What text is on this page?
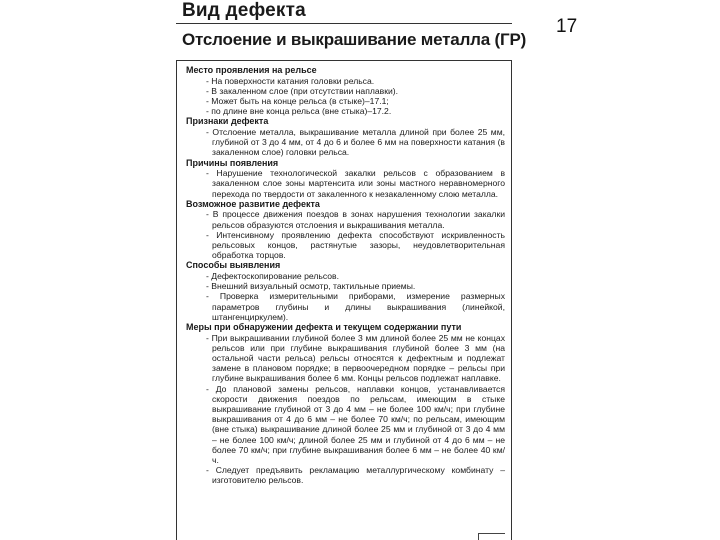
17
Вид дефекта
Отслоение и выкрашивание металла (ГР)
Место проявления на рельсе
- На поверхности катания головки рельса.
- В закаленном слое (при отсутствии наплавки).
- Может быть на конце рельса (в стыке)–17.1;
- по длине вне конца рельса (вне стыка)–17.2.
Признаки дефекта
- Отслоение металла, выкрашивание металла длиной при более 25 мм, глубиной от 3 до 4 мм, от 4 до 6 и более 6 мм на поверхности катания (в закаленном слое) головки рельса.
Причины появления
- Нарушение технологической закалки рельсов с образованием в закаленном слое зоны мартенсита или зоны мастного неравномерного перехода по твердости от закаленного к незакаленному слою металла.
Возможное развитие дефекта
- В процессе движения поездов в зонах нарушения технологии закалки рельсов образуются отслоения и выкрашивания металла.
- Интенсивному проявлению дефекта способствуют искривленность рельсовых концов, растянутые зазоры, неудовлетворительная обработка торцов.
Способы выявления
- Дефектоскопирование рельсов.
- Внешний визуальный осмотр, тактильные приемы.
- Проверка измерительными приборами, измерение размерных параметров глубины и длины выкрашивания (линейкой, штангенциркулем).
Меры при обнаружении дефекта и текущем содержании пути
- При выкрашивании глубиной более 3 мм длиной более 25 мм не концах рельсов или при глубине выкрашивания глубиной более 3 мм (на остальной части рельса) рельсы относятся к дефектным и подлежат замене в плановом порядке; в первоочередном порядке – рельсы при глубине выкрашивания более 6 мм. Концы рельсов подлежат наплавке.
- До плановой замены рельсов, наплавки концов, устанавливается скорости движения поездов по рельсам, имеющим в стыке выкрашивание глубиной от 3 до 4 мм – не более 100 км/ч; при глубине выкрашивания от 4 до 6 мм – не более 70 км/ч; по рельсам, имеющим (вне стыка) выкрашивание длиной более 25 мм и глубиной от 3 до 4 мм – не более 100 км/ч; длиной более 25 мм и глубиной от 4 до 6 мм – не более 70 км/ч; при глубине выкрашивания более 6 мм – не более 40 км/ч.
- Следует предъявить рекламацию металлургическому комбинату – изготовителю рельсов.
